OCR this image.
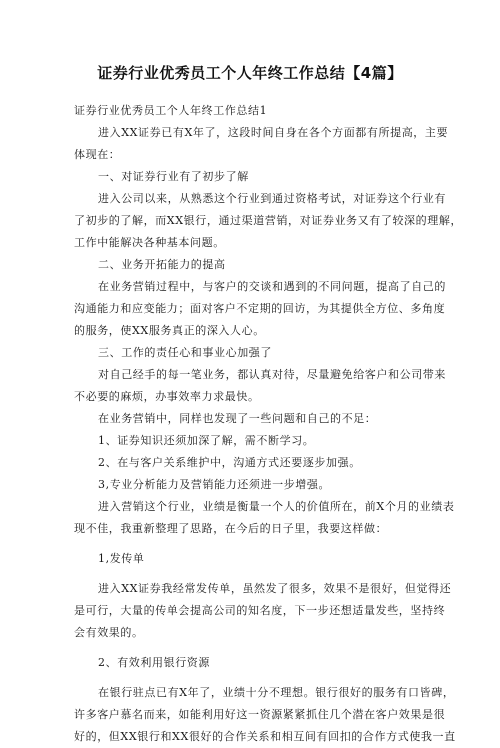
证券行业优秀员工个人年终工作总结【4篇】
证券行业优秀员工个人年终工作总结1
进入XX证券已有X年了，这段时间自身在各个方面都有所提高，主要
体现在：
一、对证券行业有了初步了解
进入公司以来，从熟悉这个行业到通过资格考试，对证券这个行业有
了初步的了解，而XX银行，通过渠道营销，对证券业务又有了较深的理解，
工作中能解决各种基本问题。
二、业务开拓能力的提高
在业务营销过程中，与客户的交谈和遇到的不同问题，提高了自己的
沟通能力和应变能力；面对客户不定期的回访，为其提供全方位、多角度
的服务，使XX服务真正的深入人心。
三、工作的责任心和事业心加强了
对自己经手的每一笔业务，都认真对待，尽量避免给客户和公司带来
不必要的麻烦，办事效率力求最快。
在业务营销中，同样也发现了一些问题和自己的不足：
1、证券知识还须加深了解，需不断学习。
2、在与客户关系维护中，沟通方式还要逐步加强。
3,专业分析能力及营销能力还须进一步增强。
进入营销这个行业，业绩是衡量一个人的价值所在，前X个月的业绩表
现不佳，我重新整理了思路，在今后的日子里，我要这样做：
1,发传单
进入XX证券我经常发传单，虽然发了很多，效果不是很好，但觉得还
是可行，大量的传单会提高公司的知名度，下一步还想适量发些，坚持终
会有效果的。
2、有效利用银行资源
在银行驻点已有X年了，业绩十分不理想。银行很好的服务有口皆碑，
许多客户慕名而来，如能利用好这一资源紧紧抓住几个潜在客户效果是很
好的，但XX银行和XX很好的合作关系和相互间有回扣的合作方式使我一直
